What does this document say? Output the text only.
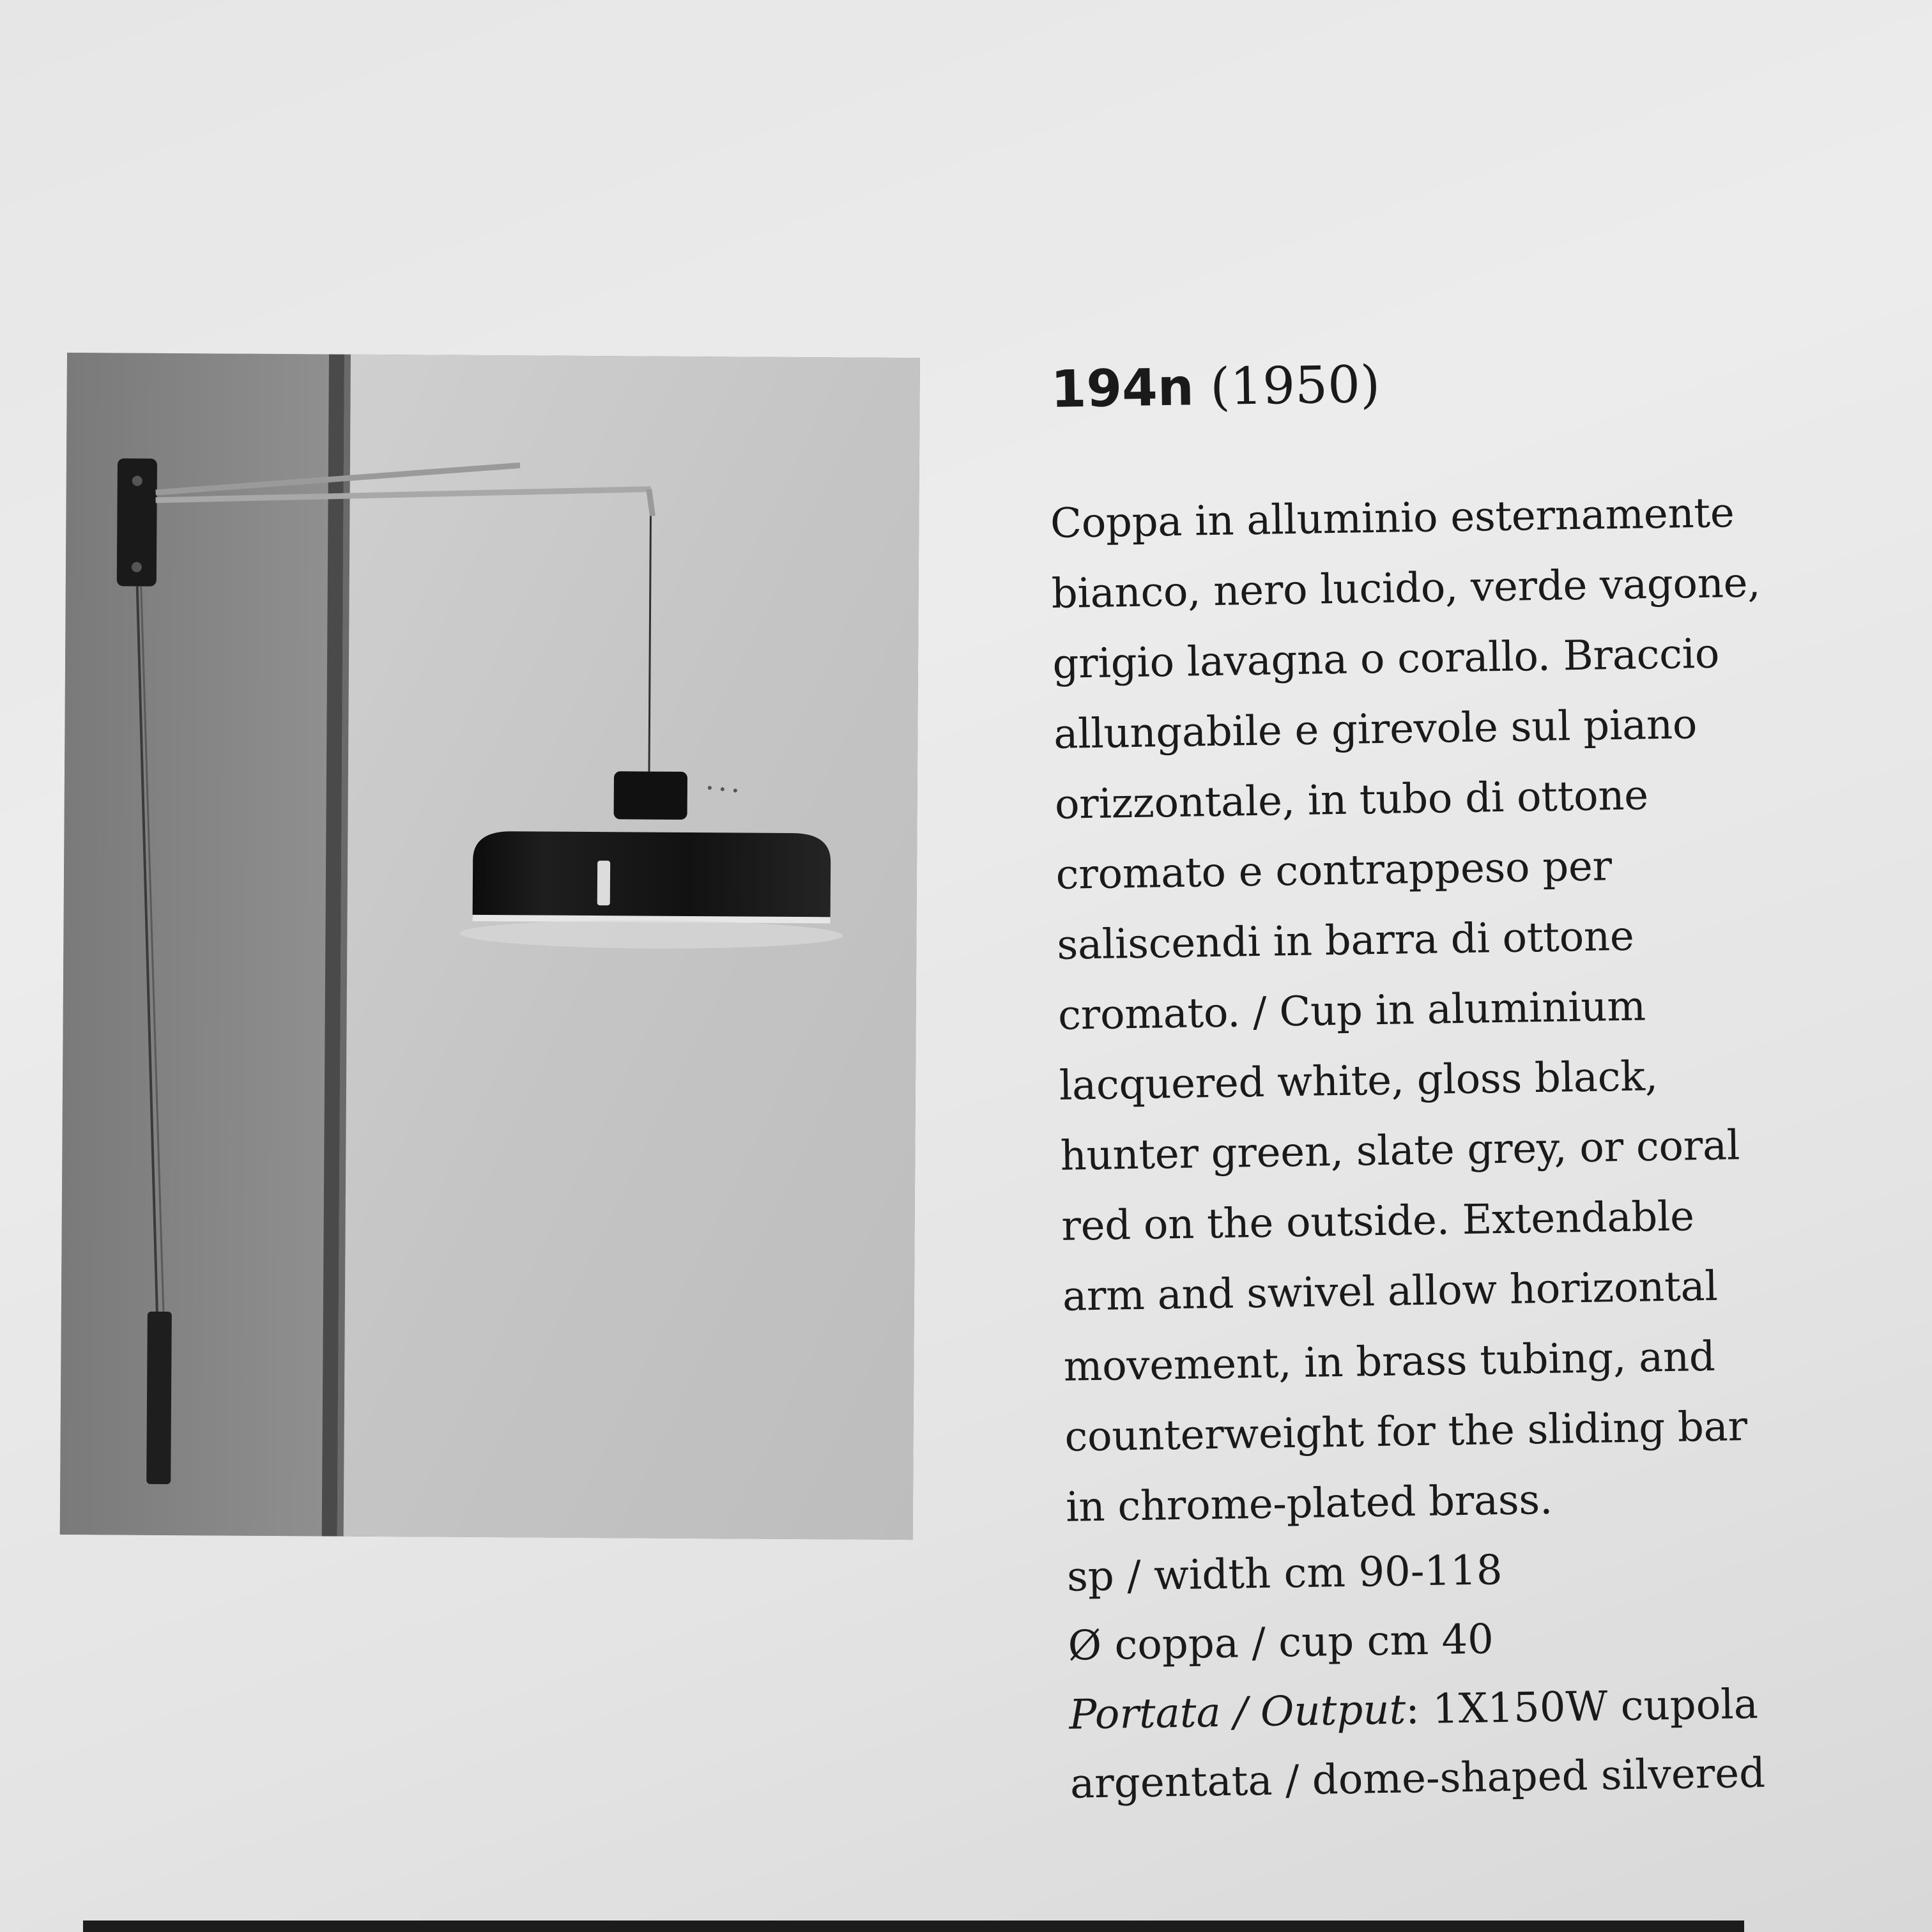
194n (1950)

Coppa in alluminio esternamente
bianco, nero lucido, verde vagone,
grigio lavagna o corallo. Braccio
allungabile e girevole sul piano
orizzontale, in tubo di ottone
cromato e contrappeso per
saliscendi in barra di ottone
cromato. / Cup in aluminium
lacquered white, gloss black,
hunter green, slate grey, or coral
red on the outside. Extendable
arm and swivel allow horizontal
movement, in brass tubing, and
counterweight for the sliding bar
in chrome-plated brass.

sp / width cm 90-118
Ø coppa / cup cm 40
Portata / Output: 1X150W cupola
argentata / dome-shaped silvered
